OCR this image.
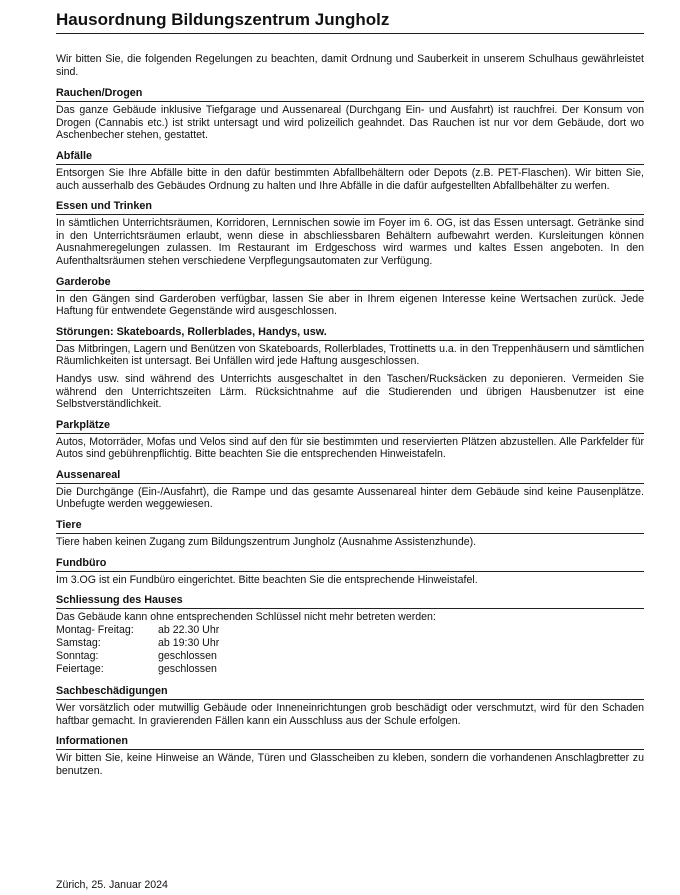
Hausordnung Bildungszentrum Jungholz

Wir bitten Sie, die folgenden Regelungen zu beachten, damit Ordnung und Sauberkeit in unserem Schulhaus gewährleistet sind.

Rauchen/Drogen

Das ganze Gebäude inklusive Tiefgarage und Aussenareal (Durchgang Ein- und Ausfahrt) ist rauchfrei. Der Konsum von Drogen (Cannabis etc.) ist strikt untersagt und wird polizeilich geahndet. Das Rauchen ist nur vor dem Gebäude, dort wo Aschenbecher stehen, gestattet.

Abfälle

Entsorgen Sie Ihre Abfälle bitte in den dafür bestimmten Abfallbehältern oder Depots (z.B. PET-Flaschen). Wir bitten Sie, auch ausserhalb des Gebäudes Ordnung zu halten und Ihre Abfälle in die dafür aufgestellten Abfallbehälter zu werfen.

Essen und Trinken

In sämtlichen Unterrichtsräumen, Korridoren, Lernnischen sowie im Foyer im 6. OG, ist das Essen untersagt. Getränke sind in den Unterrichtsräumen erlaubt, wenn diese in abschliessbaren Behältern aufbewahrt werden. Kursleitungen können Ausnahmeregelungen zulassen. Im Restaurant im Erdgeschoss wird warmes und kaltes Essen angeboten. In den Aufenthaltsräumen stehen verschiedene Verpflegungsautomaten zur Verfügung.

Garderobe

In den Gängen sind Garderoben verfügbar, lassen Sie aber in Ihrem eigenen Interesse keine Wertsachen zurück. Jede Haftung für entwendete Gegenstände wird ausgeschlossen.

Störungen: Skateboards, Rollerblades, Handys, usw.

Das Mitbringen, Lagern und Benützen von Skateboards, Rollerblades, Trottinetts u.a. in den Treppenhäusern und sämtlichen Räumlichkeiten ist untersagt. Bei Unfällen wird jede Haftung ausgeschlossen.

Handys usw. sind während des Unterrichts ausgeschaltet in den Taschen/Rucksäcken zu deponieren. Vermeiden Sie während den Unterrichtszeiten Lärm. Rücksichtnahme auf die Studierenden und übrigen Hausbenutzer ist eine Selbstverständlichkeit.

Parkplätze

Autos, Motorräder, Mofas und Velos sind auf den für sie bestimmten und reservierten Plätzen abzustellen. Alle Parkfelder für Autos sind gebührenpflichtig. Bitte beachten Sie die entsprechenden Hinweistafeln.

Aussenareal

Die Durchgänge (Ein-/Ausfahrt), die Rampe und das gesamte Aussenareal hinter dem Gebäude sind keine Pausenplätze. Unbefugte werden weggewiesen.

Tiere

Tiere haben keinen Zugang zum Bildungszentrum Jungholz (Ausnahme Assistenzhunde).

Fundbüro

Im 3.OG ist ein Fundbüro eingerichtet. Bitte beachten Sie die entsprechende Hinweistafel.

Schliessung des Hauses
Das Gebäude kann ohne entsprechenden Schlüssel nicht mehr betreten werden:
Montag- Freitag:	ab 22.30 Uhr
Samstag:	ab 19:30 Uhr
Sonntag:	geschlossen
Feiertage:	geschlossen
Sachbeschädigungen

Wer vorsätzlich oder mutwillig Gebäude oder Inneneinrichtungen grob beschädigt oder verschmutzt, wird für den Schaden haftbar gemacht. In gravierenden Fällen kann ein Ausschluss aus der Schule erfolgen.

Informationen

Wir bitten Sie, keine Hinweise an Wände, Türen und Glasscheiben zu kleben, sondern die vorhandenen Anschlagbretter zu benutzen.

Zürich, 25. Januar 2024
